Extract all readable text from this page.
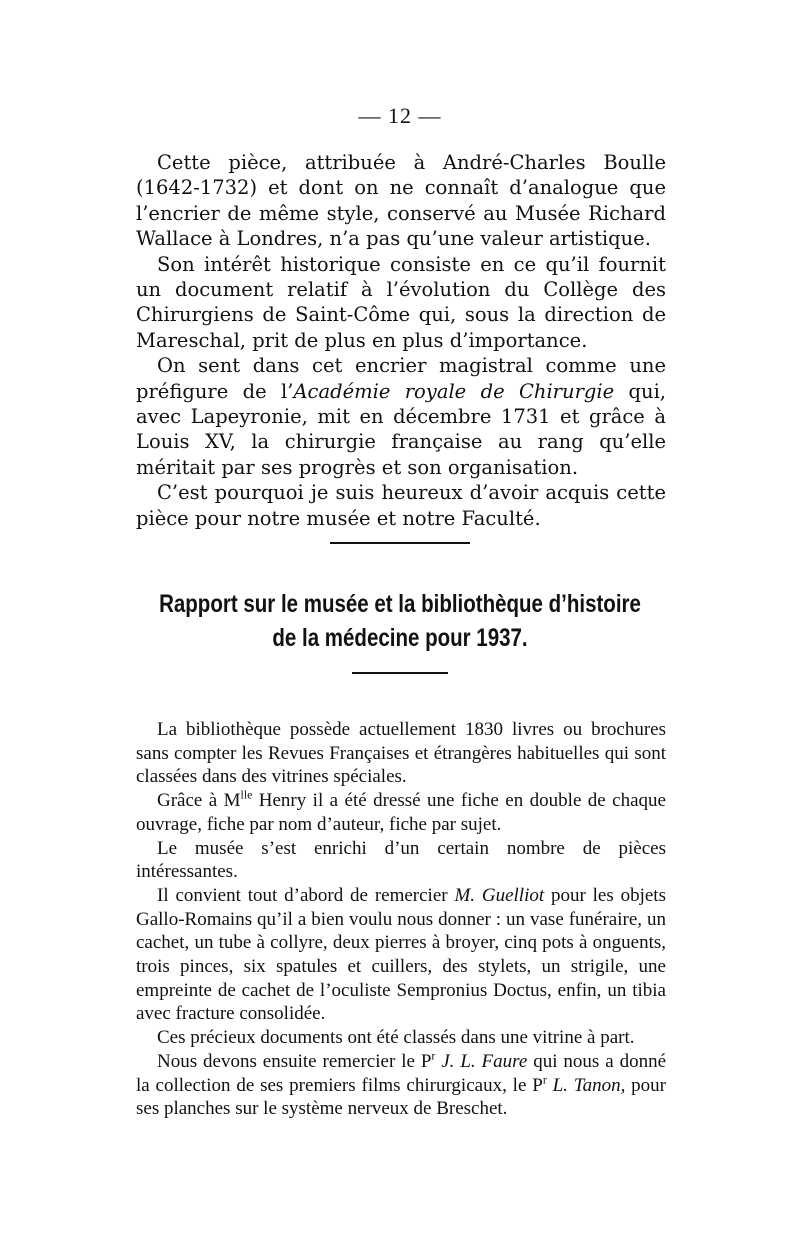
— 12 —
Cette pièce, attribuée à André-Charles Boulle (1642-1732) et dont on ne connaît d’analogue que l’encrier de même style, conservé au Musée Richard Wallace à Londres, n’a pas qu’une valeur artistique.
Son intérêt historique consiste en ce qu’il fournit un document relatif à l’évolution du Collège des Chirurgiens de Saint-Côme qui, sous la direction de Mareschal, prit de plus en plus d’importance.
On sent dans cet encrier magistral comme une préfigure de l’Académie royale de Chirurgie qui, avec Lapeyronie, mit en décembre 1731 et grâce à Louis XV, la chirurgie française au rang qu’elle méritait par ses progrès et son organisation.
C’est pourquoi je suis heureux d’avoir acquis cette pièce pour notre musée et notre Faculté.
Rapport sur le musée et la bibliothèque d’histoire
de la médecine pour 1937.
La bibliothèque possède actuellement 1830 livres ou brochures sans compter les Revues Françaises et étrangères habituelles qui sont classées dans des vitrines spéciales.
Grâce à $M^{lle}$ Henry il a été dressé une fiche en double de chaque ouvrage, fiche par nom d’auteur, fiche par sujet.
Le musée s’est enrichi d’un certain nombre de pièces intéressantes.
Il convient tout d’abord de remercier M. Guelliot pour les objets Gallo-Romains qu’il a bien voulu nous donner : un vase funéraire, un cachet, un tube à collyre, deux pierres à broyer, cinq pots à onguents, trois pinces, six spatules et cuillers, des stylets, un strigile, une empreinte de cachet de l’oculiste Sempronius Doctus, enfin, un tibia avec fracture consolidée.
Ces précieux documents ont été classés dans une vitrine à part.
Nous devons ensuite remercier le $P^r$ J. L. Faure qui nous a donné la collection de ses premiers films chirurgicaux, le $P^r$ L. Tanon, pour ses planches sur le système nerveux de Breschet.
